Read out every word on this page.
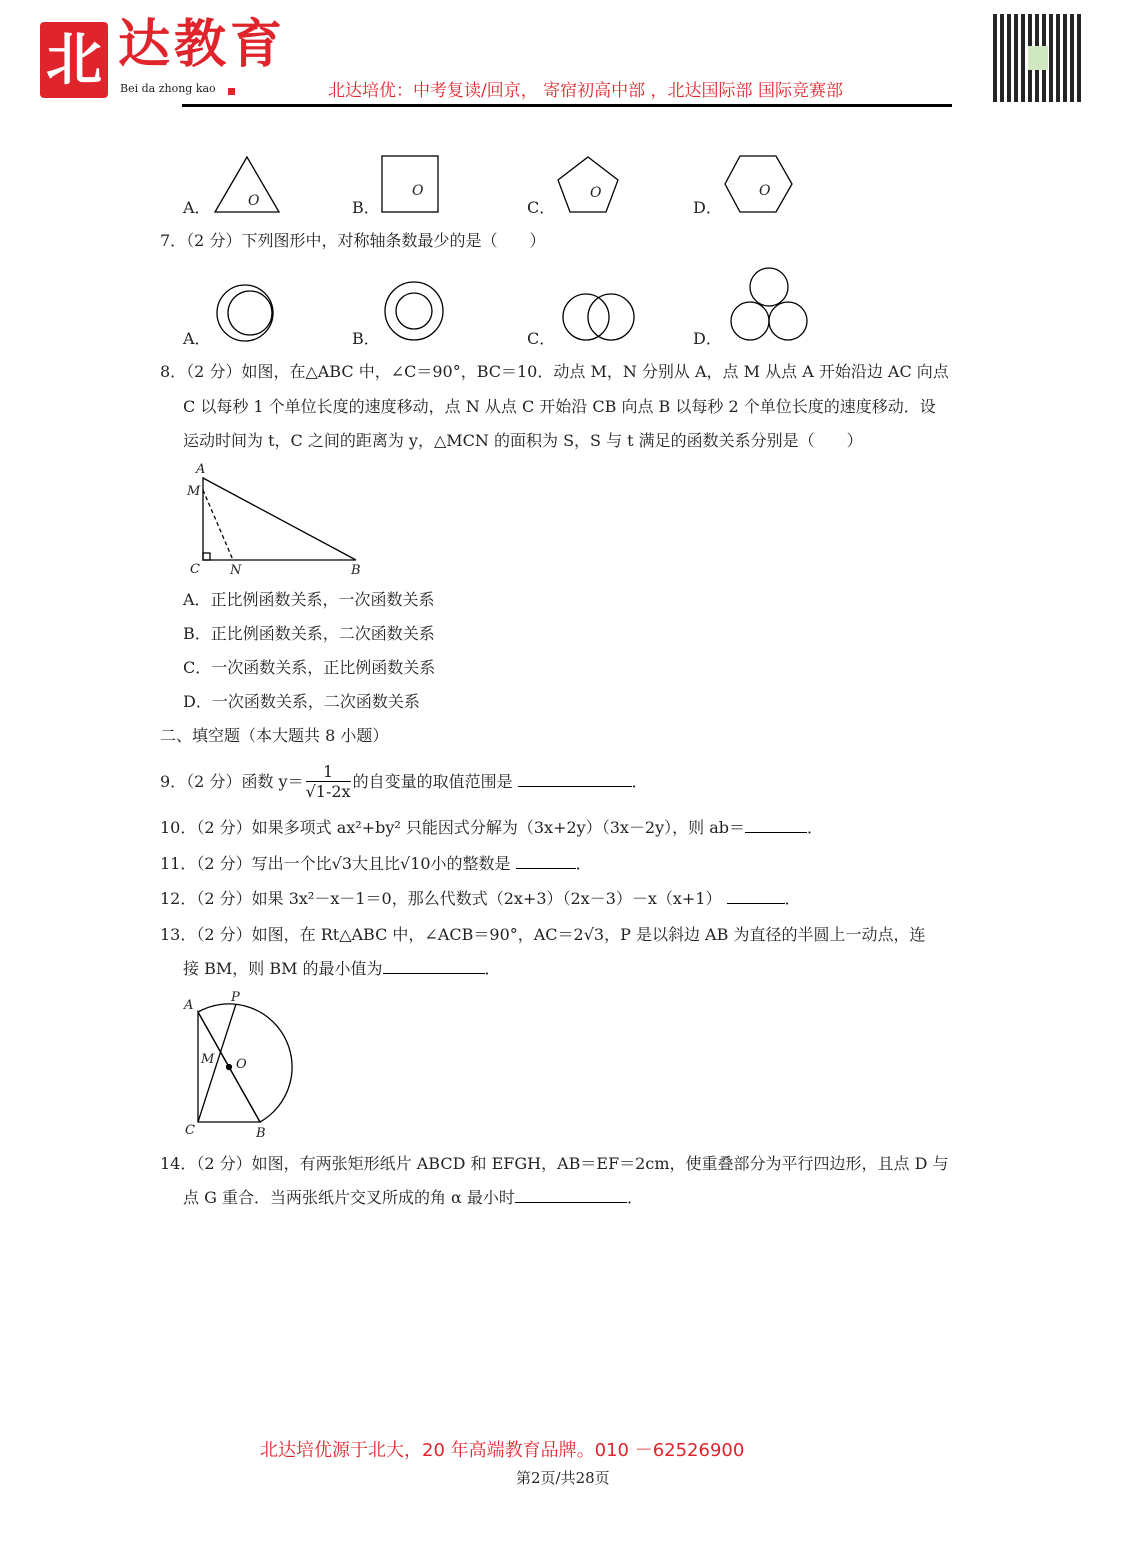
北 达教育
Bei da zhong kao	北达培优：中考复读/回京， 寄宿初高中部 ，北达国际部 国际竞赛部
A．	B．	C．	D．
O
O	O	O
7．（2 分）下列图形中，对称轴条数最少的是（　　）
A．	B．	C．	D．
8．（2 分）如图，在△ABC 中，∠C＝90°，BC＝10．动点 M，N 分别从 A，点 M 从点 A 开始沿边 AC 向点
C 以每秒 1 个单位长度的速度移动，点 N 从点 C 开始沿 CB 向点 B 以每秒 2 个单位长度的速度移动．设
运动时间为 t，C 之间的距离为 y，△MCN 的面积为 S，S 与 t 满足的函数关系分别是（　　）
A
M
C N	B
A．正比例函数关系，一次函数关系
B．正比例函数关系，二次函数关系
C．一次函数关系，正比例函数关系
D．一次函数关系，二次函数关系
二、填空题（本大题共 8 小题）
9．（2 分）函数 $y= \frac{1}{√1-2x}$ 的自变量的取值范围是	．
10．（2 分）如果多项式 ax²+by² 只能因式分解为（3x+2y）（3x－2y），则 ab＝	．
11．（2 分）写出一个比√3大且比√10小的整数是	．
12．（2 分）如果 3x²－x－1＝0，那么代数式（2x+3）（2x－3）－x（x+1）	．
13．（2 分）如图，在 Rt△ABC 中，∠ACB＝90°，AC＝2√3，P 是以斜边 AB 为直径的半圆上一动点，连
接 BM，则 BM 的最小值为	．
A
P
M O
C	B
14．（2 分）如图，有两张矩形纸片 ABCD 和 EFGH，AB＝EF＝2cm，使重叠部分为平行四边形，且点 D 与
点 G 重合．当两张纸片交叉所成的角 α 最小时	．
北达培优源于北大，20 年高端教育品牌。010 －62526900
第2页/共28页
